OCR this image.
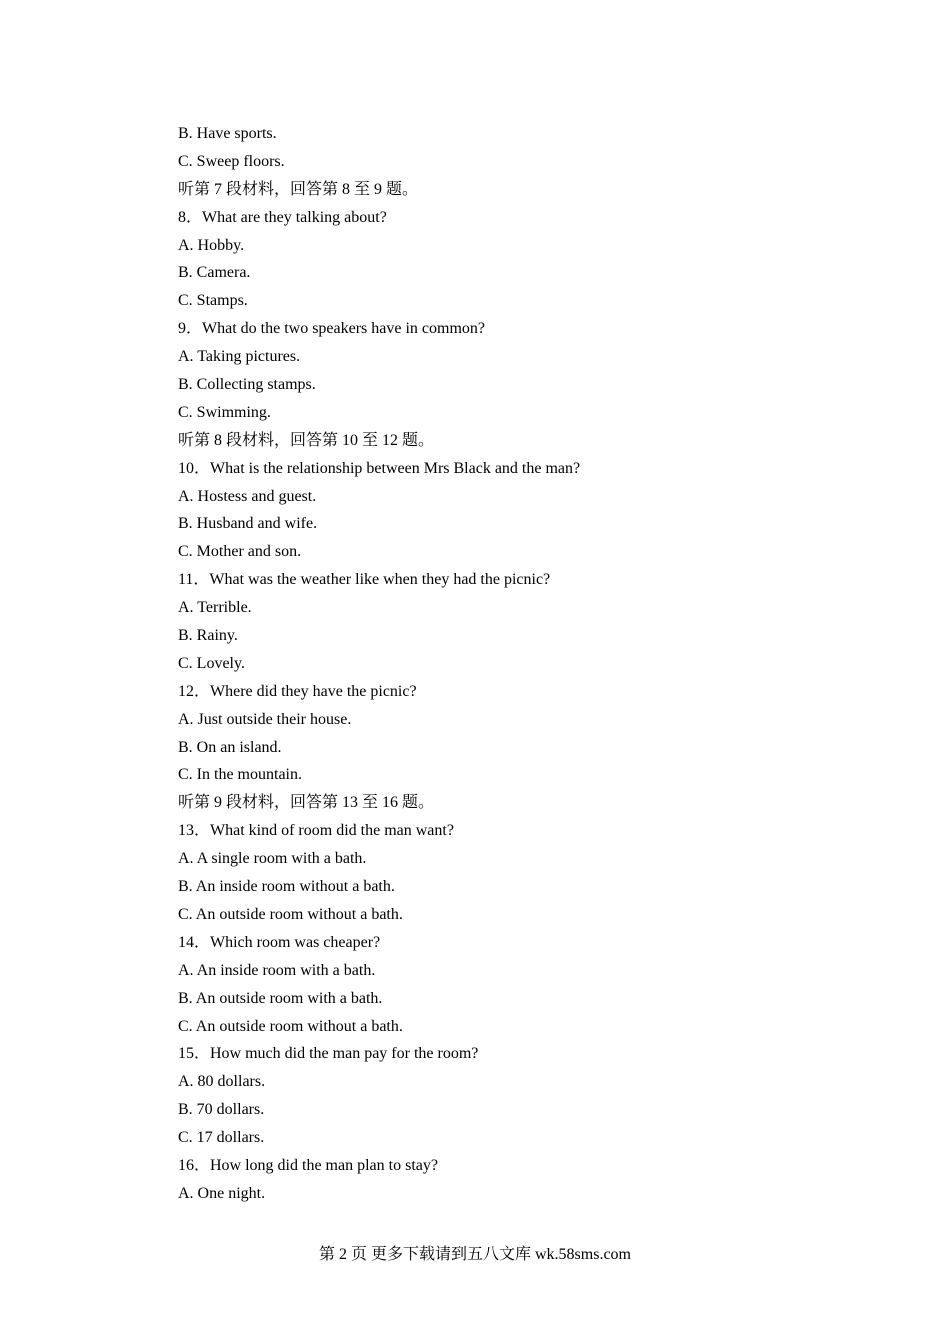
B. Have sports.
C. Sweep floors.
听第 7 段材料，回答第 8 至 9 题。
8．What are they talking about?
A. Hobby.
B. Camera.
C. Stamps.
9．What do the two speakers have in common?
A. Taking pictures.
B. Collecting stamps.
C. Swimming.
听第 8 段材料，回答第 10 至 12 题。
10．What is the relationship between Mrs Black and the man?
A. Hostess and guest.
B. Husband and wife.
C. Mother and son.
11．What was the weather like when they had the picnic?
A. Terrible.
B. Rainy.
C. Lovely.
12．Where did they have the picnic?
A. Just outside their house.
B. On an island.
C. In the mountain.
听第 9 段材料，回答第 13 至 16 题。
13．What kind of room did the man want?
A. A single room with a bath.
B. An inside room without a bath.
C. An outside room without a bath.
14．Which room was cheaper?
A. An inside room with a bath.
B. An outside room with a bath.
C. An outside room without a bath.
15．How much did the man pay for the room?
A. 80 dollars.
B. 70 dollars.
C. 17 dollars.
16．How long did the man plan to stay?
A. One night.
第 2 页 更多下载请到五八文库 wk.58sms.com
